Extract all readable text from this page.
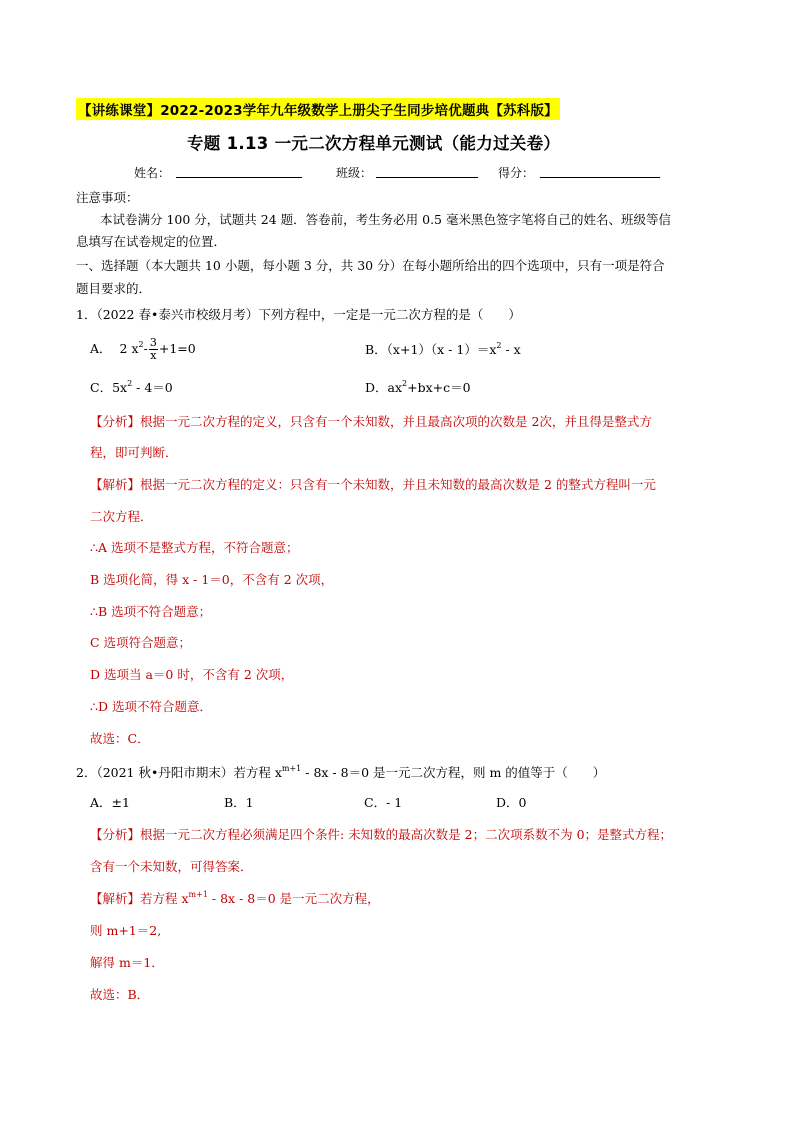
【讲练课堂】2022-2023学年九年级数学上册尖子生同步培优题典【苏科版】
专题 1.13 一元二次方程单元测试（能力过关卷）
姓名：	班级：	得分：
注意事项：
本试卷满分 100 分，试题共 24 题．答卷前，考生务必用 0.5 毫米黑色签字笔将自己的姓名、班级等信
息填写在试卷规定的位置．
一、选择题（本大题共 10 小题，每小题 3 分，共 30 分）在每小题所给出的四个选项中，只有一项是符合
题目要求的．
1．（2022 春•泰兴市校级月考）下列方程中，一定是一元二次方程的是（　　）
A． 2 $x^2- \frac{3}{x} +1=0$	B．$(x+1)(x - 1)=x^2 - x$
C．$5x^2 - 4=0$	D．$ax^2+bx+c=0$
【分析】根据一元二次方程的定义，只含有一个未知数，并且最高次项的次数是 2次，并且得是整式方
程，即可判断．
【解析】根据一元二次方程的定义：只含有一个未知数，并且未知数的最高次数是 2 的整式方程叫一元
二次方程．
∴A 选项不是整式方程，不符合题意；
B 选项化简，得 x - 1＝0，不含有 2 次项，
∴B 选项不符合题意；
C 选项符合题意；
D 选项当 a＝0 时，不含有 2 次项，
∴D 选项不符合题意．
故选：C．
2．（2021 秋•丹阳市期末）若方程 $x^{m+1} - 8x - 8=0$ 是一元二次方程，则 m 的值等于（　　）
A．±1	B．1	C．- 1	D．0
【分析】根据一元二次方程必须满足四个条件: 未知数的最高次数是 2；二次项系数不为 0；是整式方程；
含有一个未知数，可得答案．
【解析】若方程 $x^{m+1} - 8x - 8=0$ 是一元二次方程，
则 m+1＝2,
解得 m＝1．
故选：B．
